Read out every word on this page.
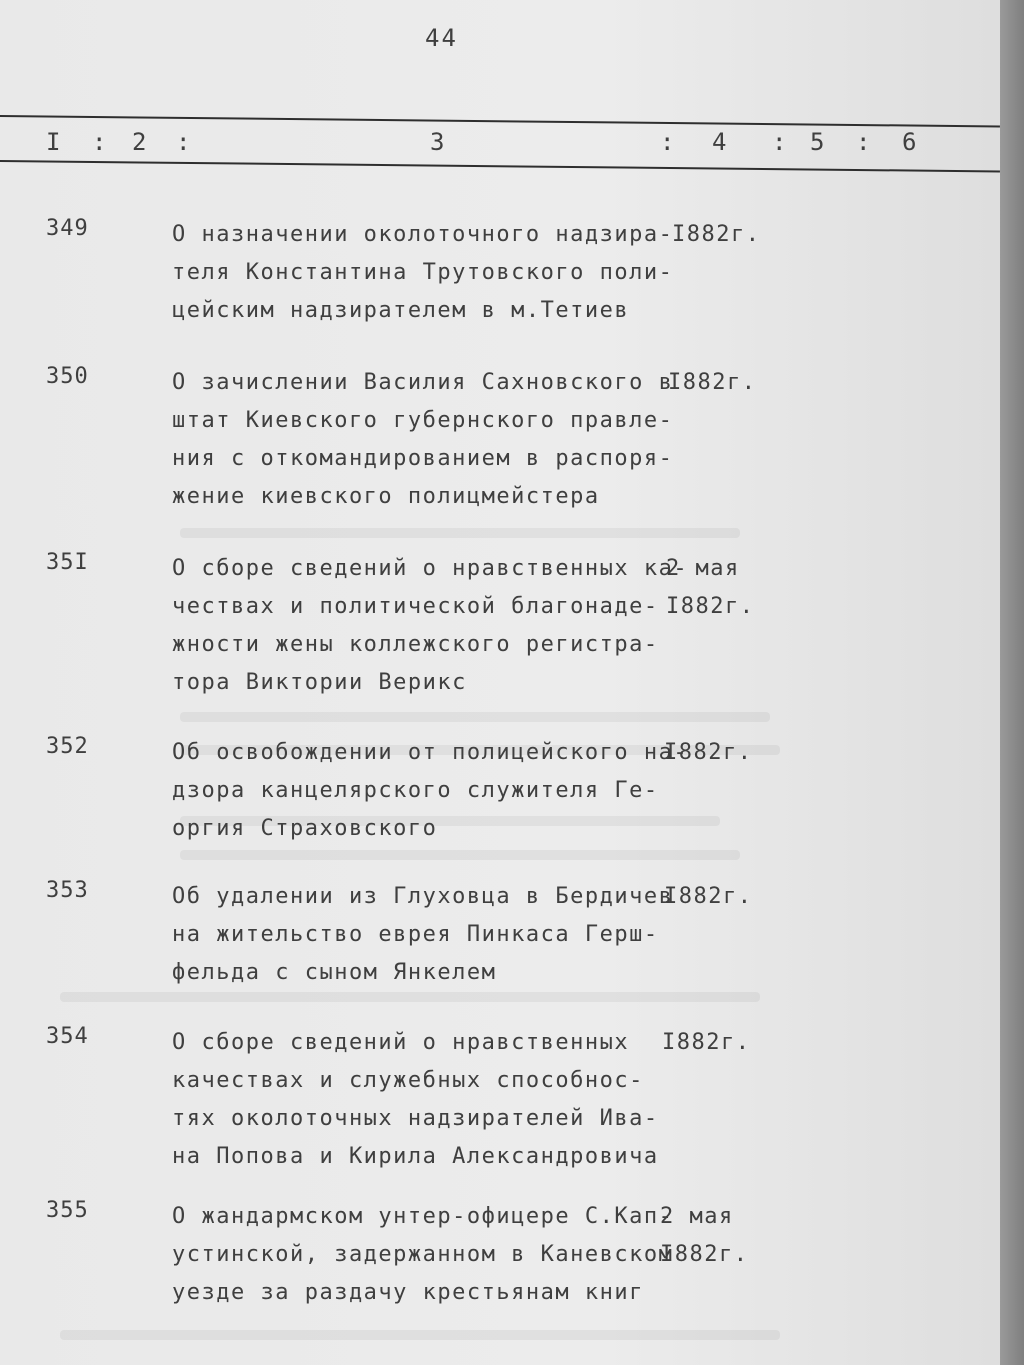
44
I : 2 :	3	: 4 : 5 : 6
349	О назначении околоточного надзира-
теля Константина Трутовского поли-
цейским надзирателем в м.Тетиев
I882г.
350	О зачислении Василия Сахновского в
штат Киевского губернского правле-
ния с откомандированием в распоря-
жение киевского полицмейстера
I882г.
35I	О сборе сведений о нравственных ка-
чествах и политической благонаде-
жности жены коллежского регистра-
тора Виктории Верикс
2 мая
I882г.
352	Об освобождении от полицейского на-
дзора канцелярского служителя Ге-
оргия Страховского
I882г.
353	Об удалении из Глуховца в Бердичев
на жительство еврея Пинкаса Герш-
фельда с сыном Янкелем
I882г.
354	О сборе сведений о нравственных
качествах и служебных способнос-
тях околоточных надзирателей Ива-
на Попова и Кирила Александровича
I882г.
355	О жандармском унтер-офицере С.Кап-
устинской, задержанном в Каневском
уезде за раздачу крестьянам книг
2 мая
I882г.
